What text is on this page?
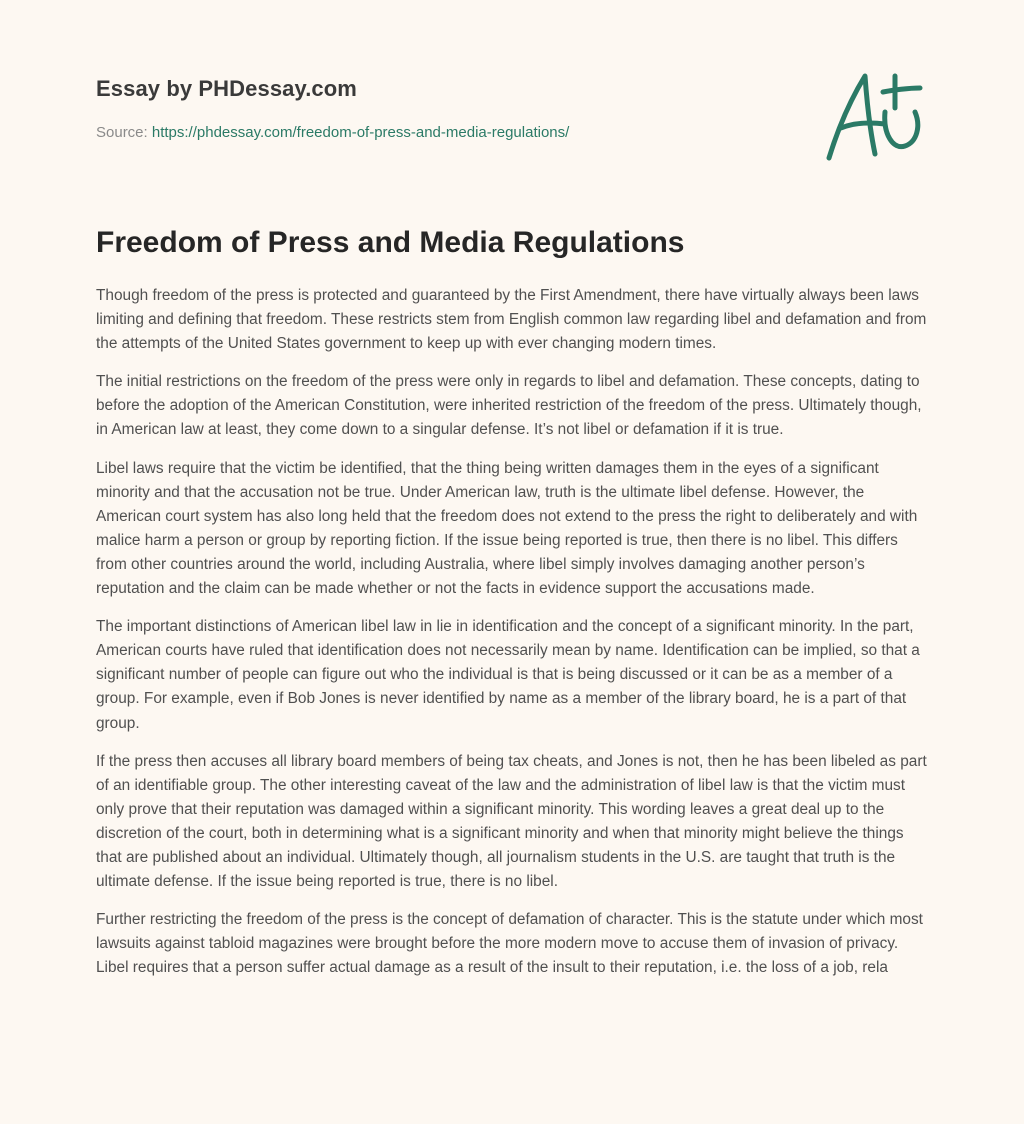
Essay by PHDessay.com
Source: https://phdessay.com/freedom-of-press-and-media-regulations/
Freedom of Press and Media Regulations

Though freedom of the press is protected and guaranteed by the First Amendment, there have virtually always been laws limiting and defining that freedom. These restricts stem from English common law regarding libel and defamation and from the attempts of the United States government to keep up with ever changing modern times.

The initial restrictions on the freedom of the press were only in regards to libel and defamation. These concepts, dating to before the adoption of the American Constitution, were inherited restriction of the freedom of the press. Ultimately though, in American law at least, they come down to a singular defense. It’s not libel or defamation if it is true.

Libel laws require that the victim be identified, that the thing being written damages them in the eyes of a significant minority and that the accusation not be true. Under American law, truth is the ultimate libel defense. However, the American court system has also long held that the freedom does not extend to the press the right to deliberately and with malice harm a person or group by reporting fiction. If the issue being reported is true, then there is no libel. This differs from other countries around the world, including Australia, where libel simply involves damaging another person’s reputation and the claim can be made whether or not the facts in evidence support the accusations made.

The important distinctions of American libel law in lie in identification and the concept of a significant minority. In the part, American courts have ruled that identification does not necessarily mean by name. Identification can be implied, so that a significant number of people can figure out who the individual is that is being discussed or it can be as a member of a group. For example, even if Bob Jones is never identified by name as a member of the library board, he is a part of that group.

If the press then accuses all library board members of being tax cheats, and Jones is not, then he has been libeled as part of an identifiable group. The other interesting caveat of the law and the administration of libel law is that the victim must only prove that their reputation was damaged within a significant minority. This wording leaves a great deal up to the discretion of the court, both in determining what is a significant minority and when that minority might believe the things that are published about an individual. Ultimately though, all journalism students in the U.S. are taught that truth is the ultimate defense. If the issue being reported is true, there is no libel.

Further restricting the freedom of the press is the concept of defamation of character. This is the statute under which most lawsuits against tabloid magazines were brought before the more modern move to accuse them of invasion of privacy. Libel requires that a person suffer actual damage as a result of the insult to their reputation, i.e. the loss of a job, rela
